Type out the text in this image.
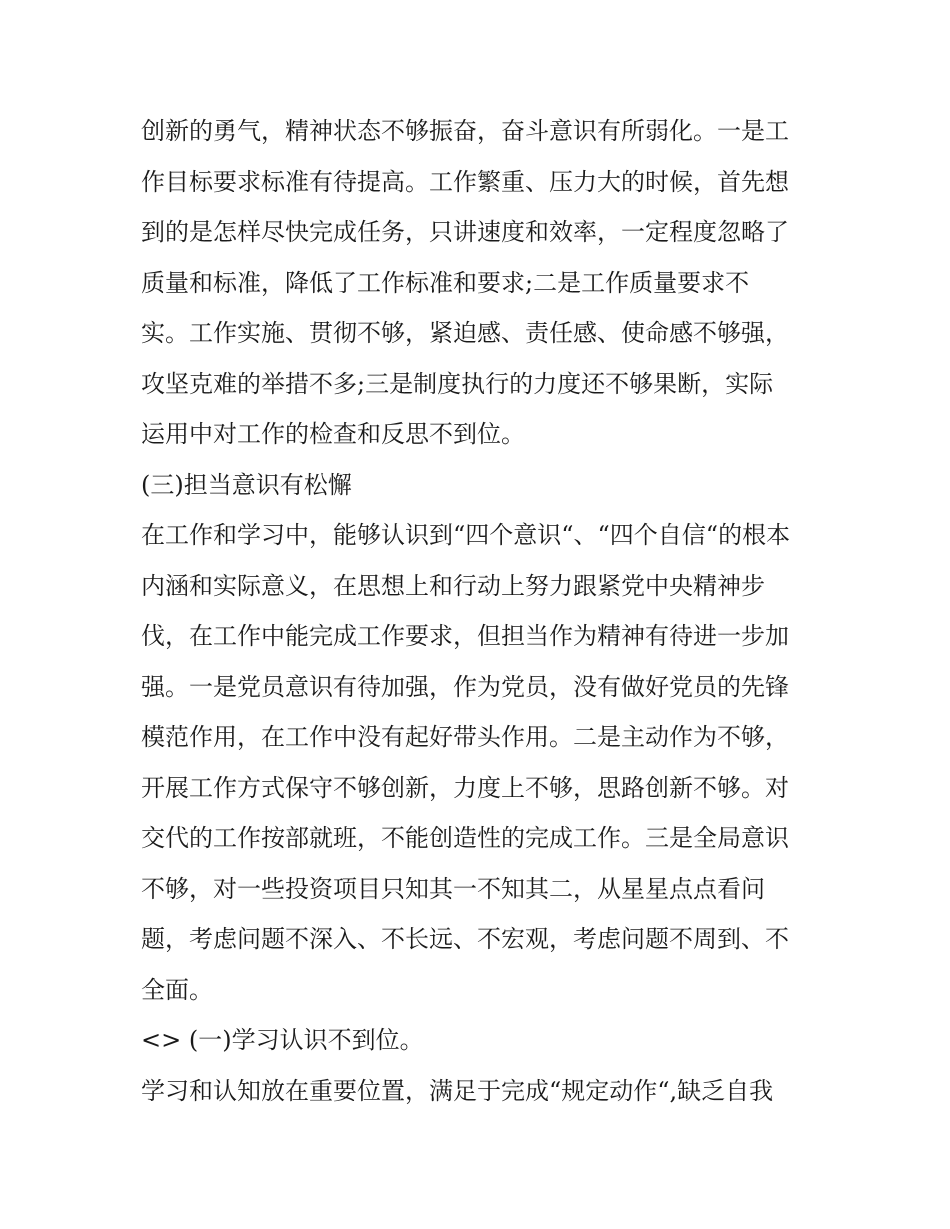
创新的勇气，精神状态不够振奋，奋斗意识有所弱化。一是工
作目标要求标准有待提高。工作繁重、压力大的时候，首先想
到的是怎样尽快完成任务，只讲速度和效率，一定程度忽略了
质量和标准，降低了工作标准和要求;二是工作质量要求不
实。工作实施、贯彻不够，紧迫感、责任感、使命感不够强，
攻坚克难的举措不多;三是制度执行的力度还不够果断，实际
运用中对工作的检查和反思不到位。
(三)担当意识有松懈
在工作和学习中，能够认识到“四个意识“、“四个自信“的根本
内涵和实际意义，在思想上和行动上努力跟紧党中央精神步
伐，在工作中能完成工作要求，但担当作为精神有待进一步加
强。一是党员意识有待加强，作为党员，没有做好党员的先锋
模范作用，在工作中没有起好带头作用。二是主动作为不够，
开展工作方式保守不够创新，力度上不够，思路创新不够。对
交代的工作按部就班，不能创造性的完成工作。三是全局意识
不够，对一些投资项目只知其一不知其二，从星星点点看问
题，考虑问题不深入、不长远、不宏观，考虑问题不周到、不
全面。
<> (一)学习认识不到位。
学习和认知放在重要位置，满足于完成“规定动作“,缺乏自我
